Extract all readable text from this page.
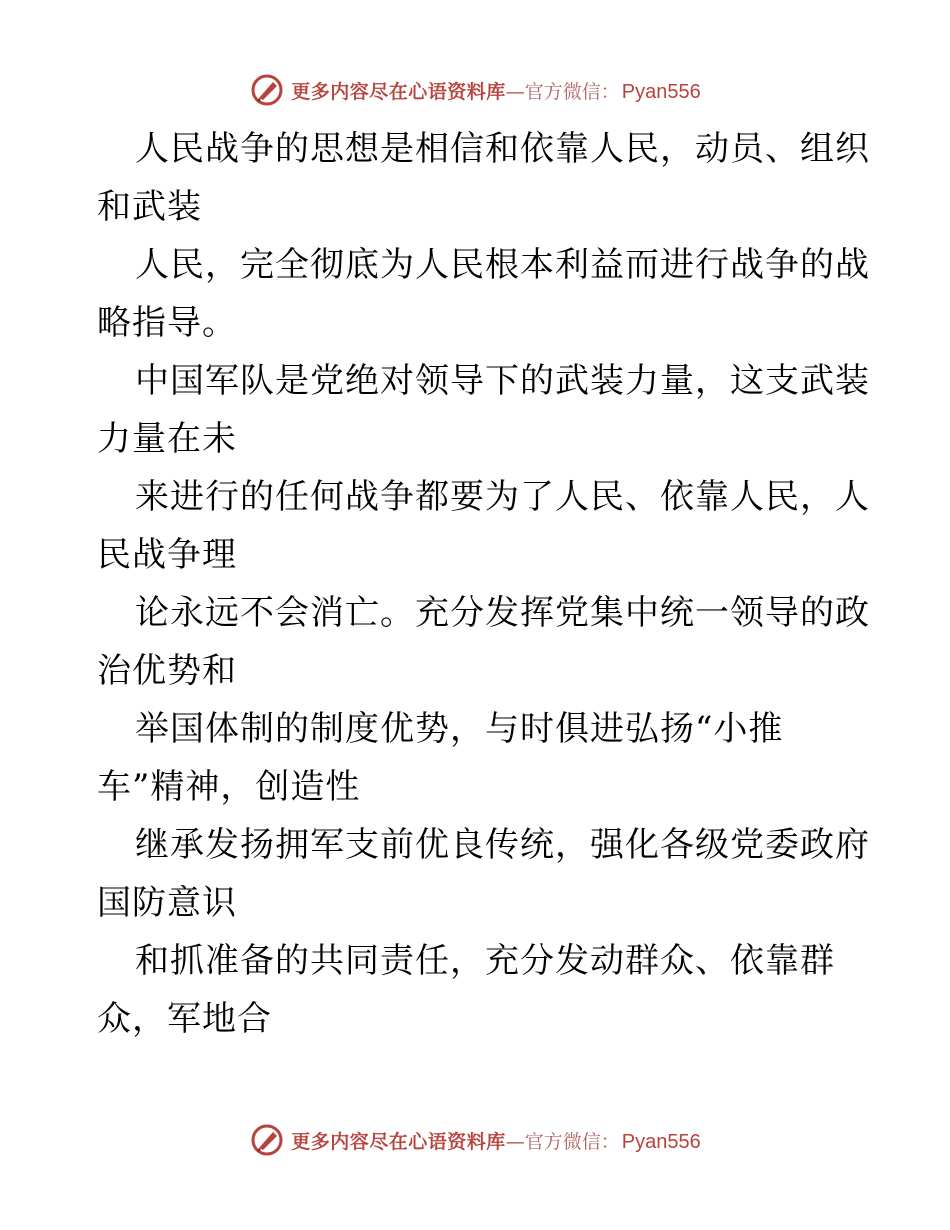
更多内容尽在心语资料库 — 官方微信： Pyan556
人民战争的思想是相信和依靠人民，动员、组织
和武装
人民，完全彻底为人民根本利益而进行战争的战
略指导。
中国军队是党绝对领导下的武装力量，这支武装
力量在未
来进行的任何战争都要为了人民、依靠人民，人
民战争理
论永远不会消亡。充分发挥党集中统一领导的政
治优势和
举国体制的制度优势，与时俱进弘扬“小推
车”精神，创造性
继承发扬拥军支前优良传统，强化各级党委政府
国防意识
和抓准备的共同责任，充分发动群众、依靠群
众，军地合
更多内容尽在心语资料库 — 官方微信： Pyan556
